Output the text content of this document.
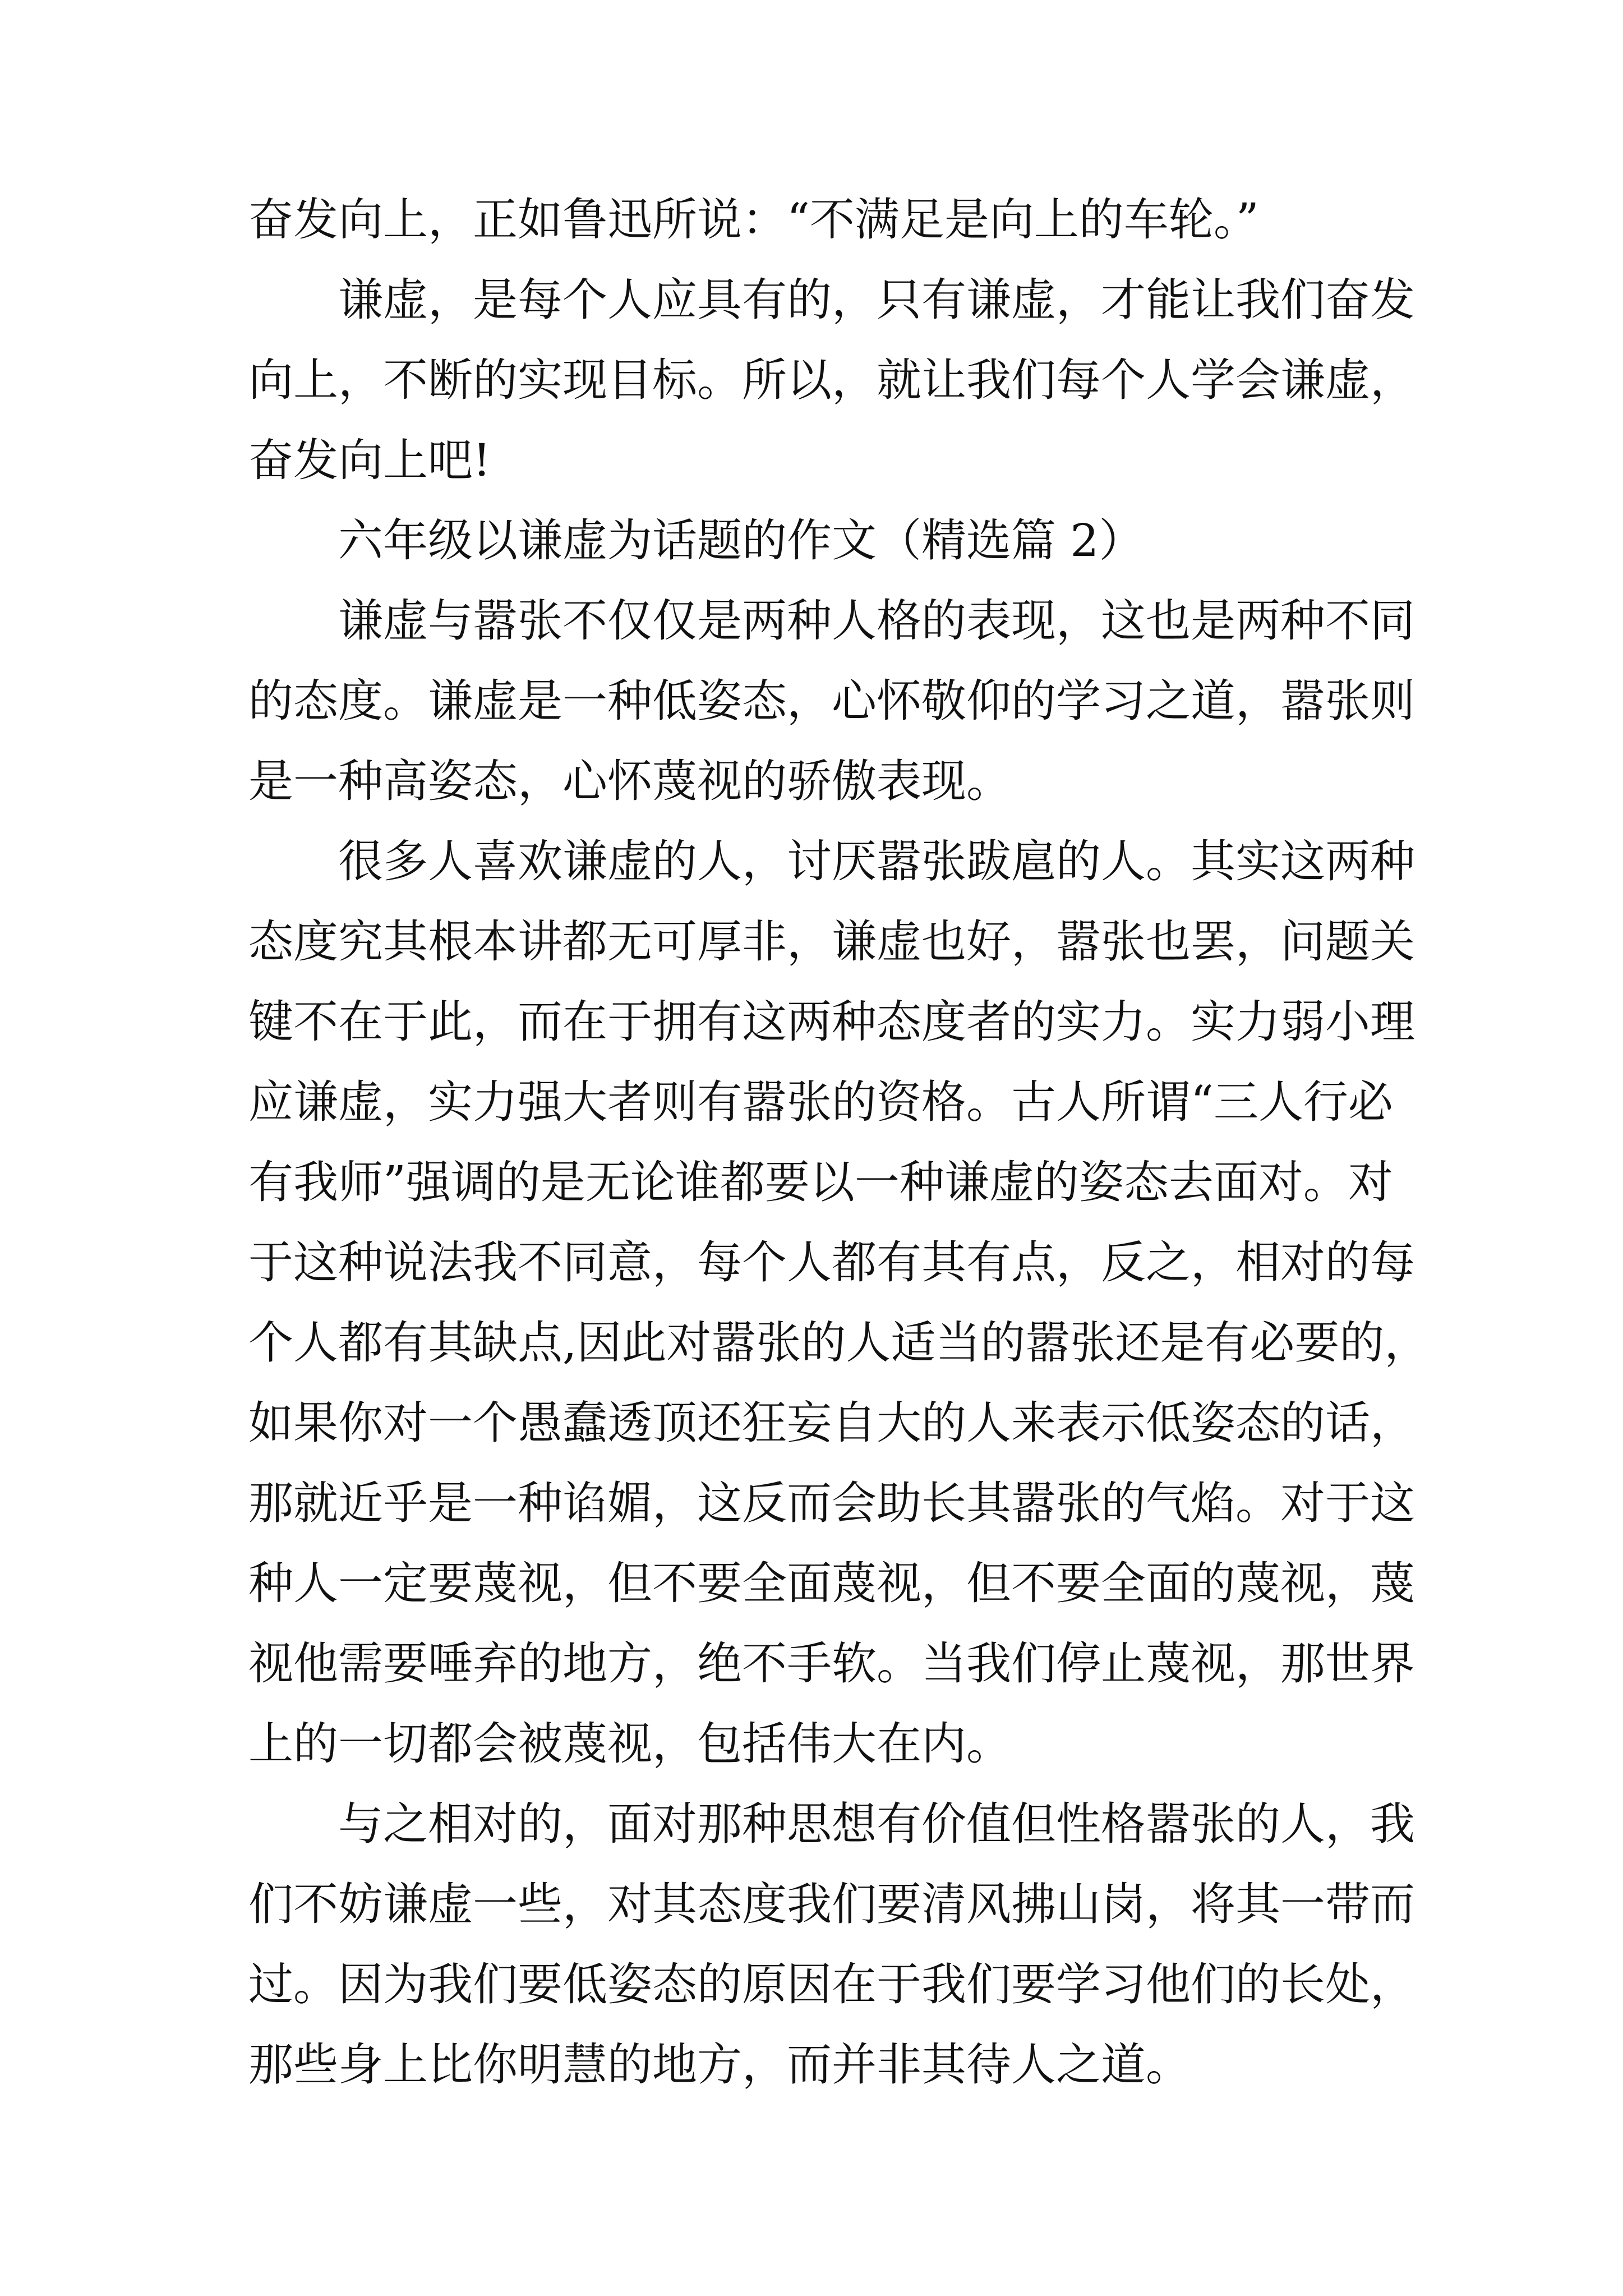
奋发向上，正如鲁迅所说：“不满足是向上的车轮。”

谦虚，是每个人应具有的，只有谦虚，才能让我们奋发
向上，不断的实现目标。所以，就让我们每个人学会谦虚，
奋发向上吧!

六年级以谦虚为话题的作文（精选篇 2）

谦虚与嚣张不仅仅是两种人格的表现，这也是两种不同
的态度。谦虚是一种低姿态，心怀敬仰的学习之道，嚣张则
是一种高姿态，心怀蔑视的骄傲表现。

很多人喜欢谦虚的人，讨厌嚣张跋扈的人。其实这两种
态度究其根本讲都无可厚非，谦虚也好，嚣张也罢，问题关
键不在于此，而在于拥有这两种态度者的实力。实力弱小理
应谦虚，实力强大者则有嚣张的资格。古人所谓“三人行必
有我师”强调的是无论谁都要以一种谦虚的姿态去面对。对
于这种说法我不同意，每个人都有其有点，反之，相对的每
个人都有其缺点,因此对嚣张的人适当的嚣张还是有必要的，
如果你对一个愚蠢透顶还狂妄自大的人来表示低姿态的话，
那就近乎是一种谄媚，这反而会助长其嚣张的气焰。对于这
种人一定要蔑视，但不要全面蔑视，但不要全面的蔑视，蔑
视他需要唾弃的地方，绝不手软。当我们停止蔑视，那世界
上的一切都会被蔑视，包括伟大在内。

与之相对的，面对那种思想有价值但性格嚣张的人，我
们不妨谦虚一些，对其态度我们要清风拂山岗，将其一带而
过。因为我们要低姿态的原因在于我们要学习他们的长处，
那些身上比你明慧的地方，而并非其待人之道。
